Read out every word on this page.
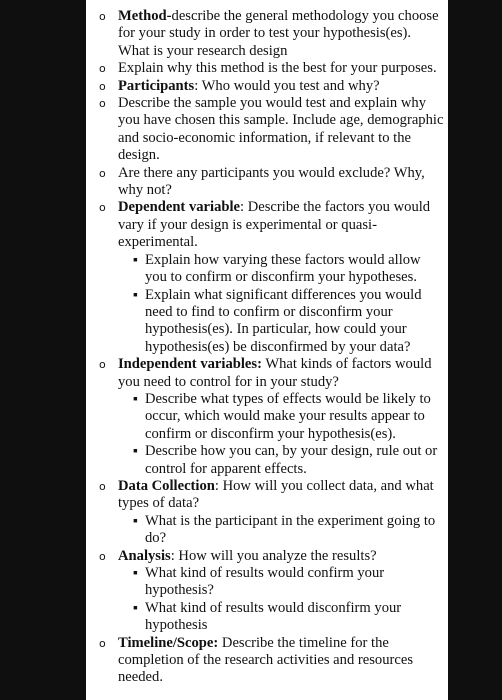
o Method-describe the general methodology you choose for your study in order to test your hypothesis(es). What is your research design

o Explain why this method is the best for your purposes.

o Participants: Who would you test and why?

o Describe the sample you would test and explain why you have chosen this sample. Include age, demographic and socio-economic information, if relevant to the design.

o Are there any participants you would exclude? Why, why not?

o Dependent variable: Describe the factors you would vary if your design is experimental or quasi-experimental.

▪ Explain how varying these factors would allow you to confirm or disconfirm your hypotheses.

▪ Explain what significant differences you would need to find to confirm or disconfirm your hypothesis(es). In particular, how could your hypothesis(es) be disconfirmed by your data?

o Independent variables: What kinds of factors would you need to control for in your study?

▪ Describe what types of effects would be likely to occur, which would make your results appear to confirm or disconfirm your hypothesis(es).

▪ Describe how you can, by your design, rule out or control for apparent effects.

o Data Collection: How will you collect data, and what types of data?

▪ What is the participant in the experiment going to do?

o Analysis: How will you analyze the results?

▪ What kind of results would confirm your hypothesis?

▪ What kind of results would disconfirm your hypothesis

o Timeline/Scope: Describe the timeline for the completion of the research activities and resources needed.
